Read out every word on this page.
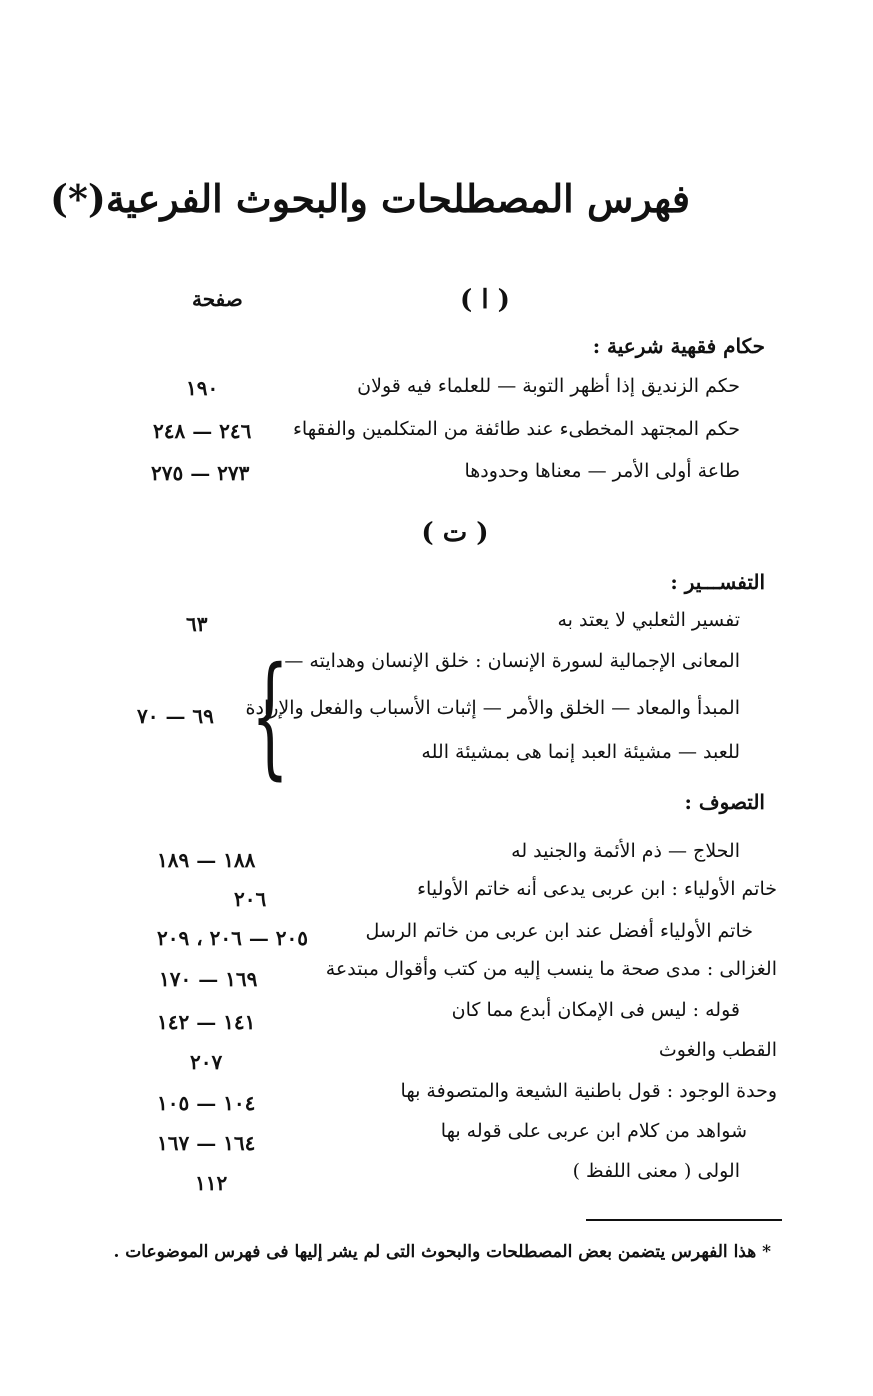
فهرس المصطلحات والبحوث الفرعية(*)
( ا )
صفحة
حكام فقهية شرعية :
حكم الزنديق إذا أظهر التوبة — للعلماء فيه قولان
١٩٠
حكم المجتهد المخطىء عند طائفة من المتكلمين والفقهاء
٢٤٦ — ٢٤٨
طاعة أولى الأمر — معناها وحدودها
٢٧٣ — ٢٧٥
( ت )
التفســـير :
تفسير الثعلبي لا يعتد به
٦٣
المعانى الإجمالية لسورة الإنسان : خلق الإنسان وهدايته —
المبدأ والمعاد — الخلق والأمر — إثبات الأسباب والفعل والإرادة
للعبد — مشيئة العبد إنما هى بمشيئة الله
{
٦٩ — ٧٠
التصوف :
الحلاج — ذم الأئمة والجنيد له
١٨٨ — ١٨٩
خاتم الأولياء : ابن عربى يدعى أنه خاتم الأولياء
٢٠٦
خاتم الأولياء أفضل عند ابن عربى من خاتم الرسل
٢٠٥ — ٢٠٦ ، ٢٠٩
الغزالى : مدى صحة ما ينسب إليه من كتب وأقوال مبتدعة
١٦٩ — ١٧٠
قوله : ليس فى الإمكان أبدع مما كان
١٤١ — ١٤٢
القطب والغوث
٢٠٧
وحدة الوجود : قول باطنية الشيعة والمتصوفة بها
١٠٤ — ١٠٥
شواهد من كلام ابن عربى على قوله بها
١٦٤ — ١٦٧
الولى ( معنى اللفظ )
١١٢
* هذا الفهرس يتضمن بعض المصطلحات والبحوث التى لم يشر إليها فى فهرس الموضوعات .
